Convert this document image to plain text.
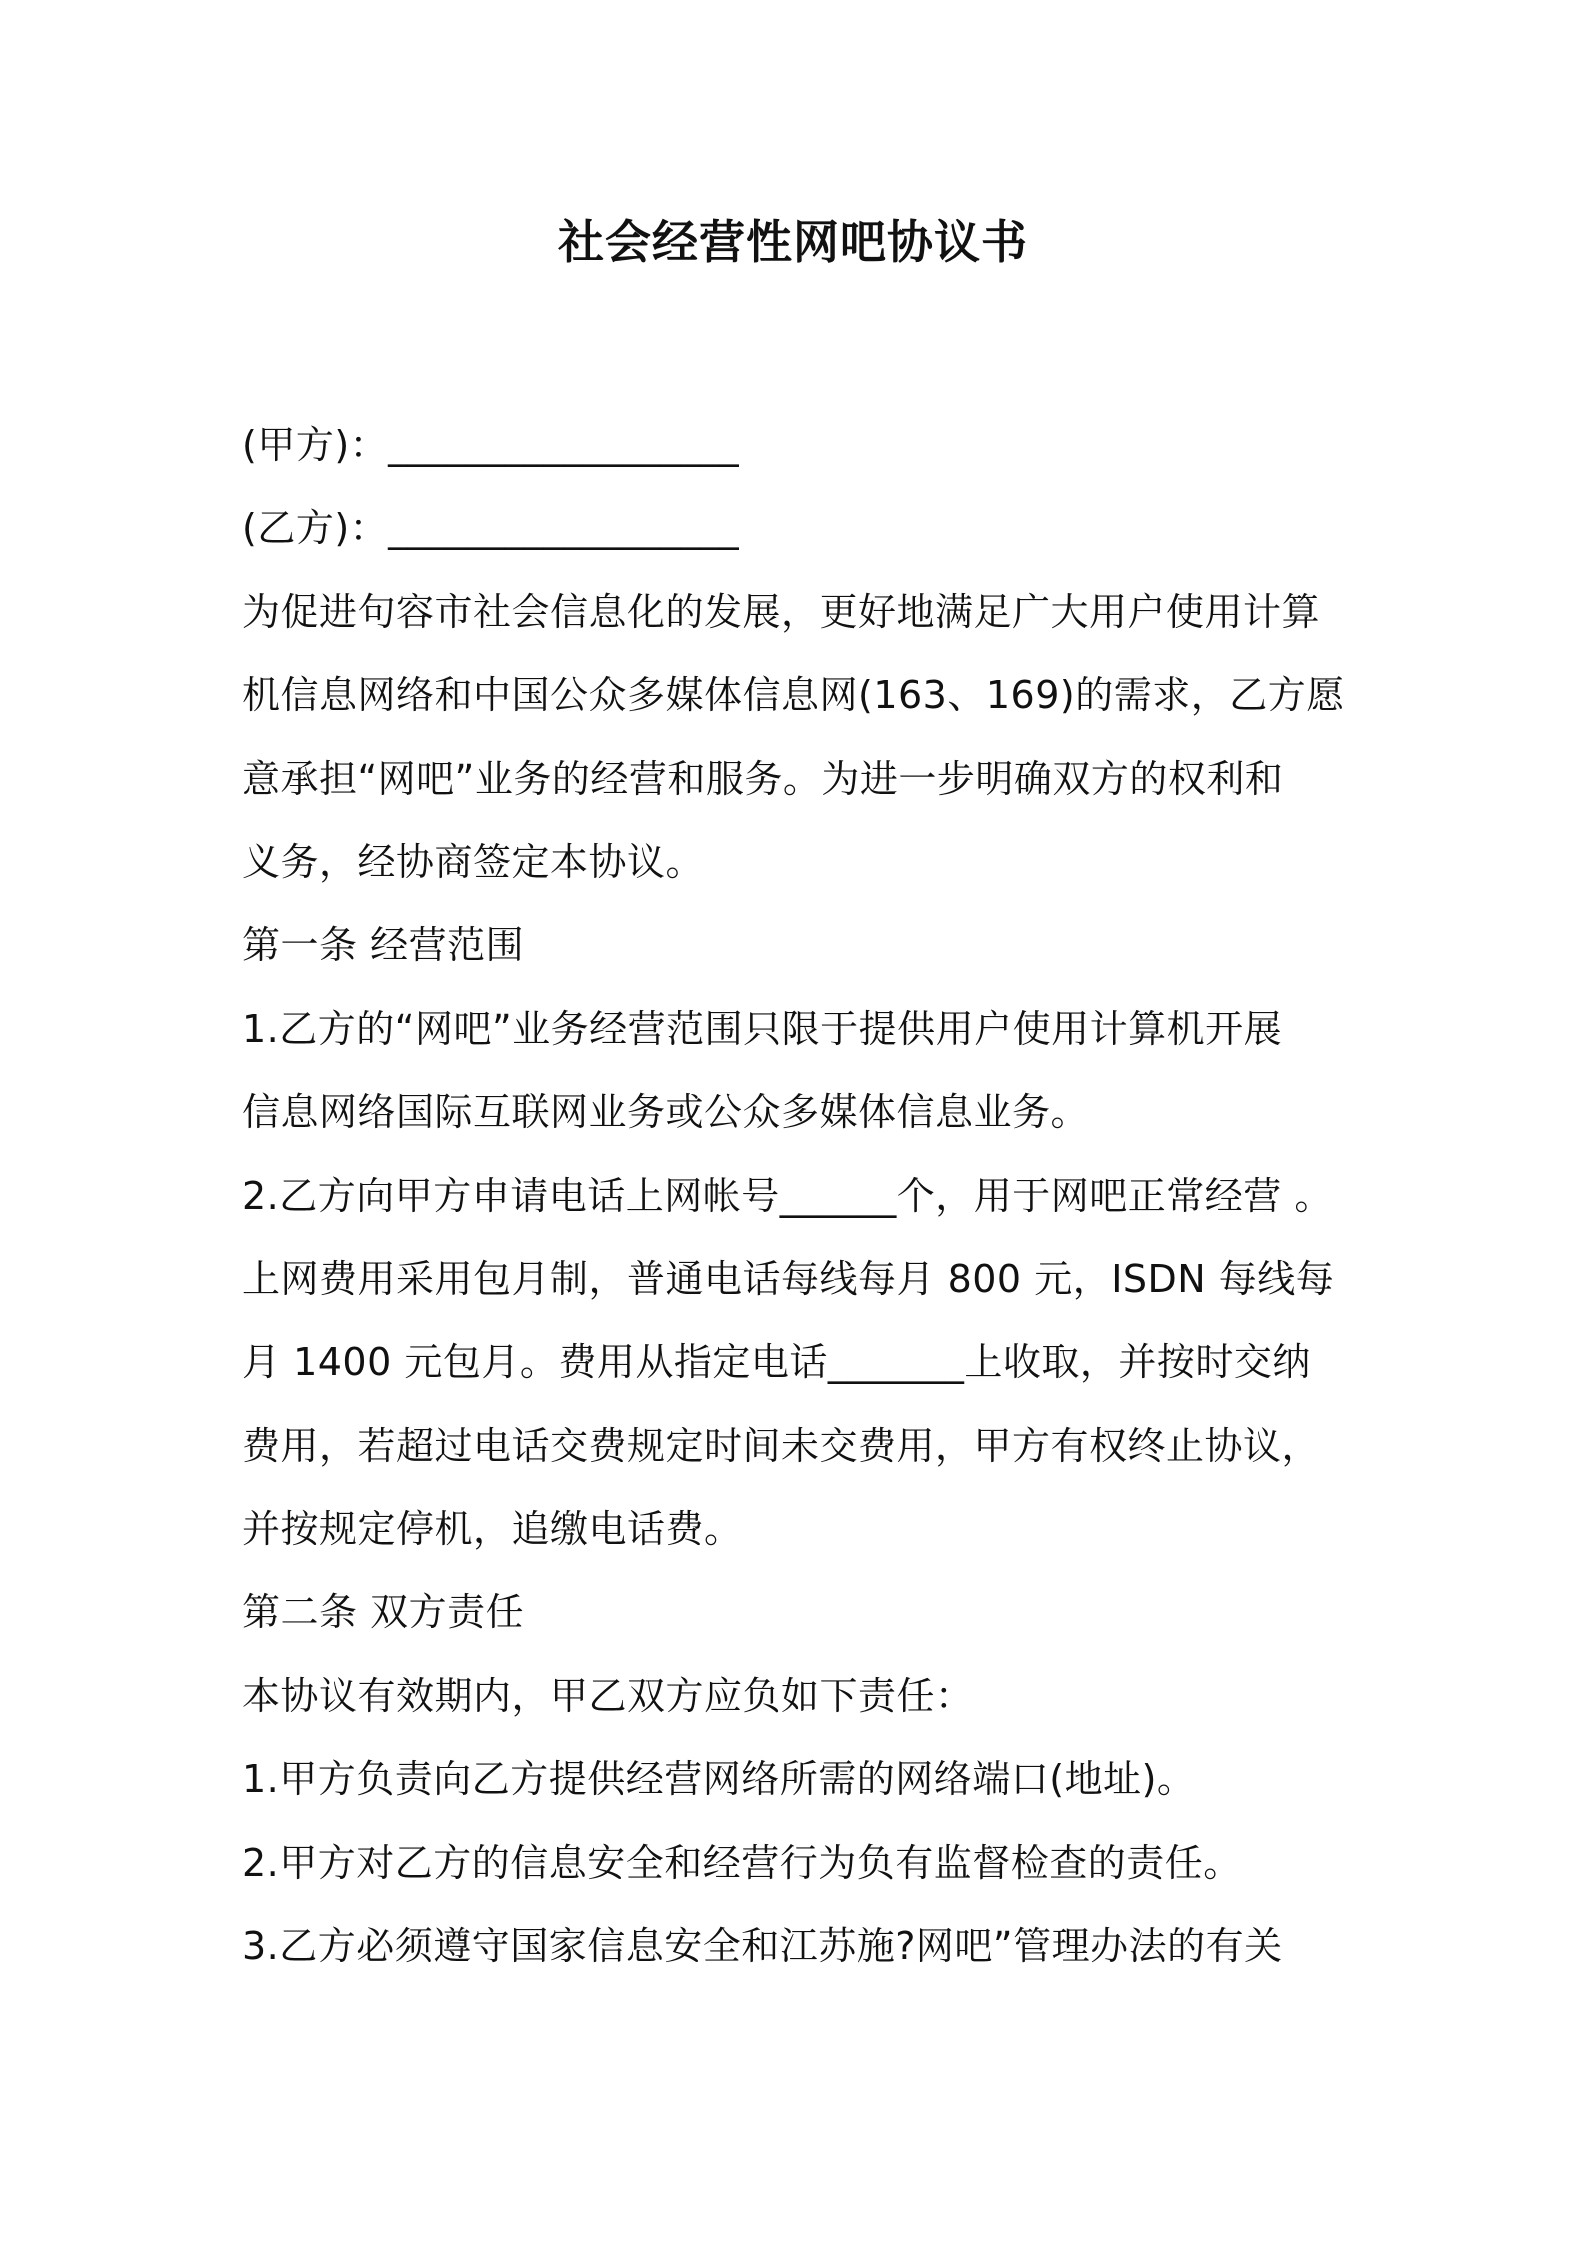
社会经营性网吧协议书
(甲方)：__________________
(乙方)：__________________
为促进句容市社会信息化的发展，更好地满足广大用户使用计算
机信息网络和中国公众多媒体信息网(163、169)的需求，乙方愿
意承担“网吧”业务的经营和服务。为进一步明确双方的权利和
义务，经协商签定本协议。
第一条 经营范围
1.乙方的“网吧”业务经营范围只限于提供用户使用计算机开展
信息网络国际互联网业务或公众多媒体信息业务。
2.乙方向甲方申请电话上网帐号______个，用于网吧正常经营 。
上网费用采用包月制，普通电话每线每月 800 元，ISDN 每线每
月 1400 元包月。费用从指定电话_______上收取，并按时交纳
费用，若超过电话交费规定时间未交费用，甲方有权终止协议，
并按规定停机，追缴电话费。
第二条 双方责任
本协议有效期内，甲乙双方应负如下责任：
1.甲方负责向乙方提供经营网络所需的网络端口(地址)。
2.甲方对乙方的信息安全和经营行为负有监督检查的责任。
3.乙方必须遵守国家信息安全和江苏施?网吧”管理办法的有关
